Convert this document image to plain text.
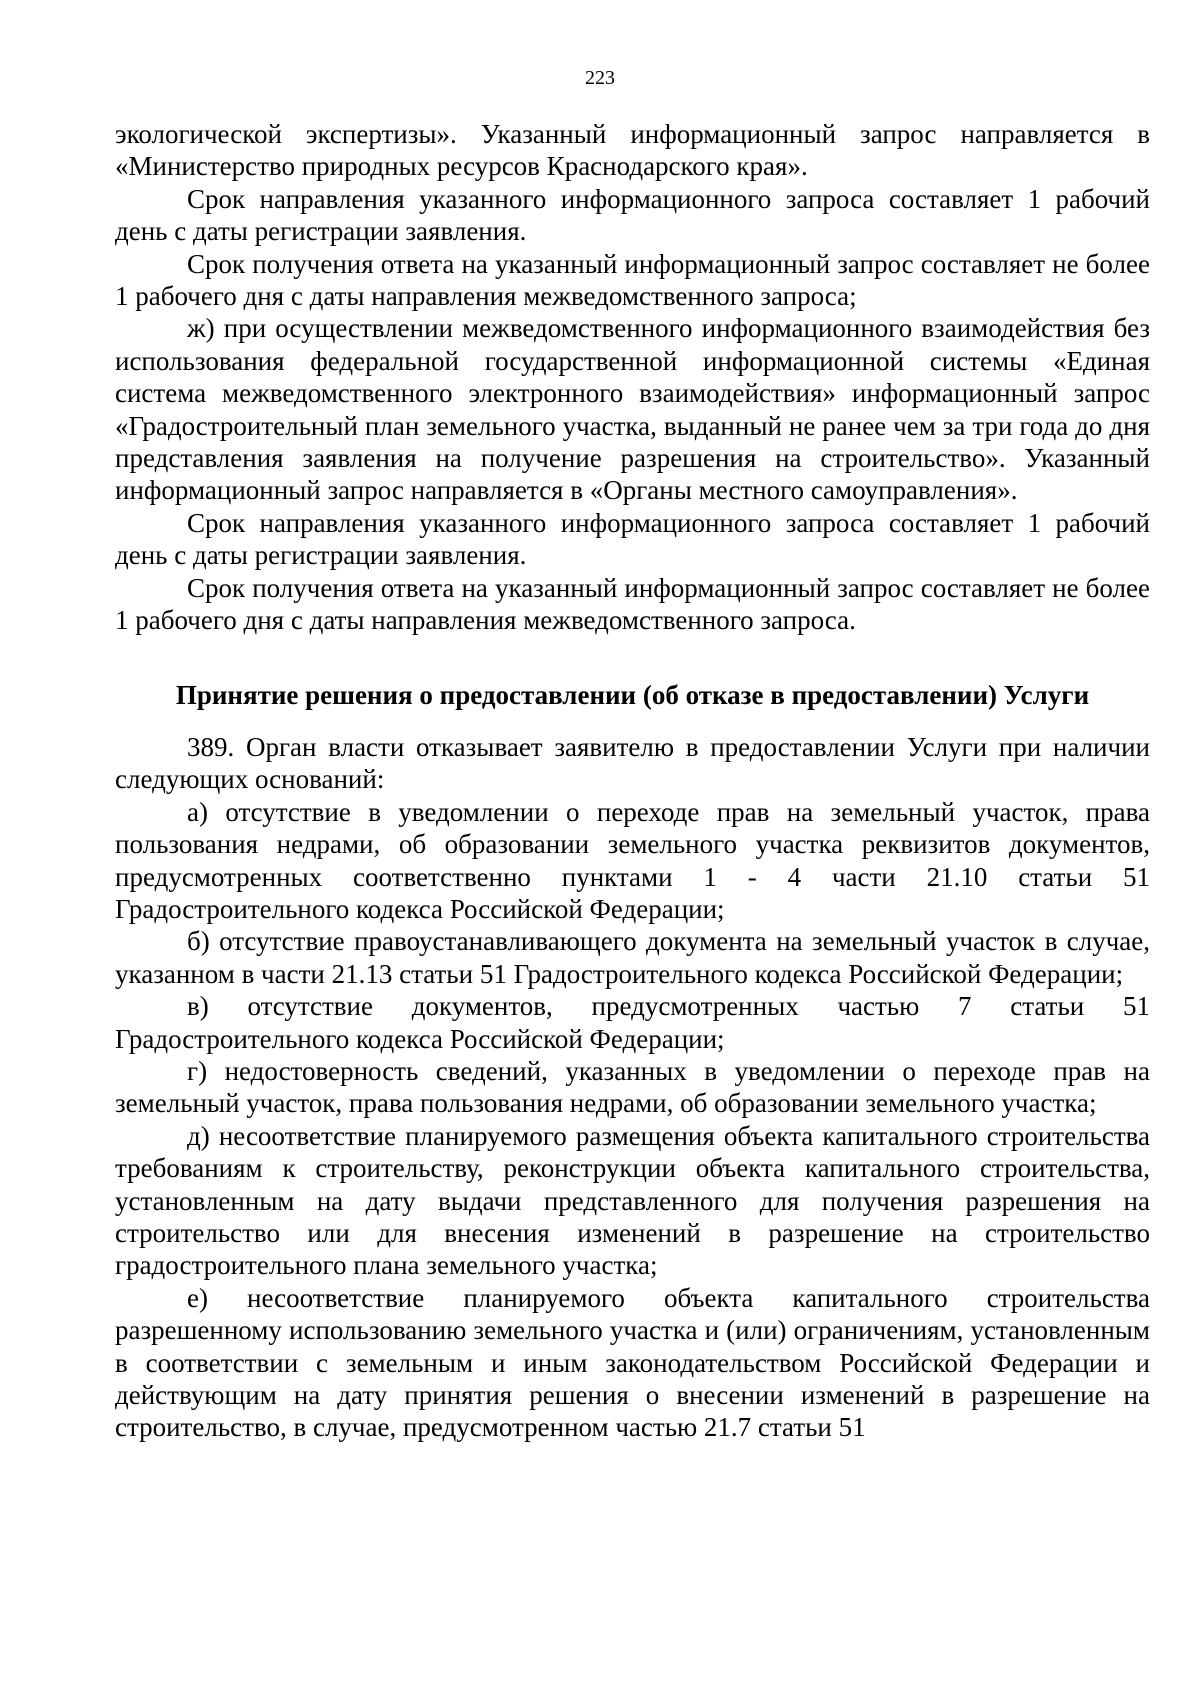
223

экологической экспертизы». Указанный информационный запрос направляется в «Министерство природных ресурсов Краснодарского края».

Срок направления указанного информационного запроса составляет 1 рабочий день с даты регистрации заявления.

Срок получения ответа на указанный информационный запрос составляет не более 1 рабочего дня с даты направления межведомственного запроса;

ж) при осуществлении межведомственного информационного взаимодействия без использования федеральной государственной информационной системы «Единая система межведомственного электронного взаимодействия» информационный запрос «Градостроительный план земельного участка, выданный не ранее чем за три года до дня представления заявления на получение разрешения на строительство». Указанный информационный запрос направляется в «Органы местного самоуправления».

Срок направления указанного информационного запроса составляет 1 рабочий день с даты регистрации заявления.

Срок получения ответа на указанный информационный запрос составляет не более 1 рабочего дня с даты направления межведомственного запроса.

Принятие решения о предоставлении (об отказе в предоставлении) Услуги

389. Орган власти отказывает заявителю в предоставлении Услуги при наличии следующих оснований:

а) отсутствие в уведомлении о переходе прав на земельный участок, права пользования недрами, об образовании земельного участка реквизитов документов, предусмотренных соответственно пунктами 1 - 4 части 21.10 статьи 51 Градостроительного кодекса Российской Федерации;

б) отсутствие правоустанавливающего документа на земельный участок в случае, указанном в части 21.13 статьи 51 Градостроительного кодекса Российской Федерации;

в) отсутствие документов, предусмотренных частью 7 статьи 51 Градостроительного кодекса Российской Федерации;

г) недостоверность сведений, указанных в уведомлении о переходе прав на земельный участок, права пользования недрами, об образовании земельного участка;

д) несоответствие планируемого размещения объекта капитального строительства требованиям к строительству, реконструкции объекта капитального строительства, установленным на дату выдачи представленного для получения разрешения на строительство или для внесения изменений в разрешение на строительство градостроительного плана земельного участка;

е) несоответствие планируемого объекта капитального строительства разрешенному использованию земельного участка и (или) ограничениям, установленным в соответствии с земельным и иным законодательством Российской Федерации и действующим на дату принятия решения о внесении изменений в разрешение на строительство, в случае, предусмотренном частью 21.7 статьи 51
